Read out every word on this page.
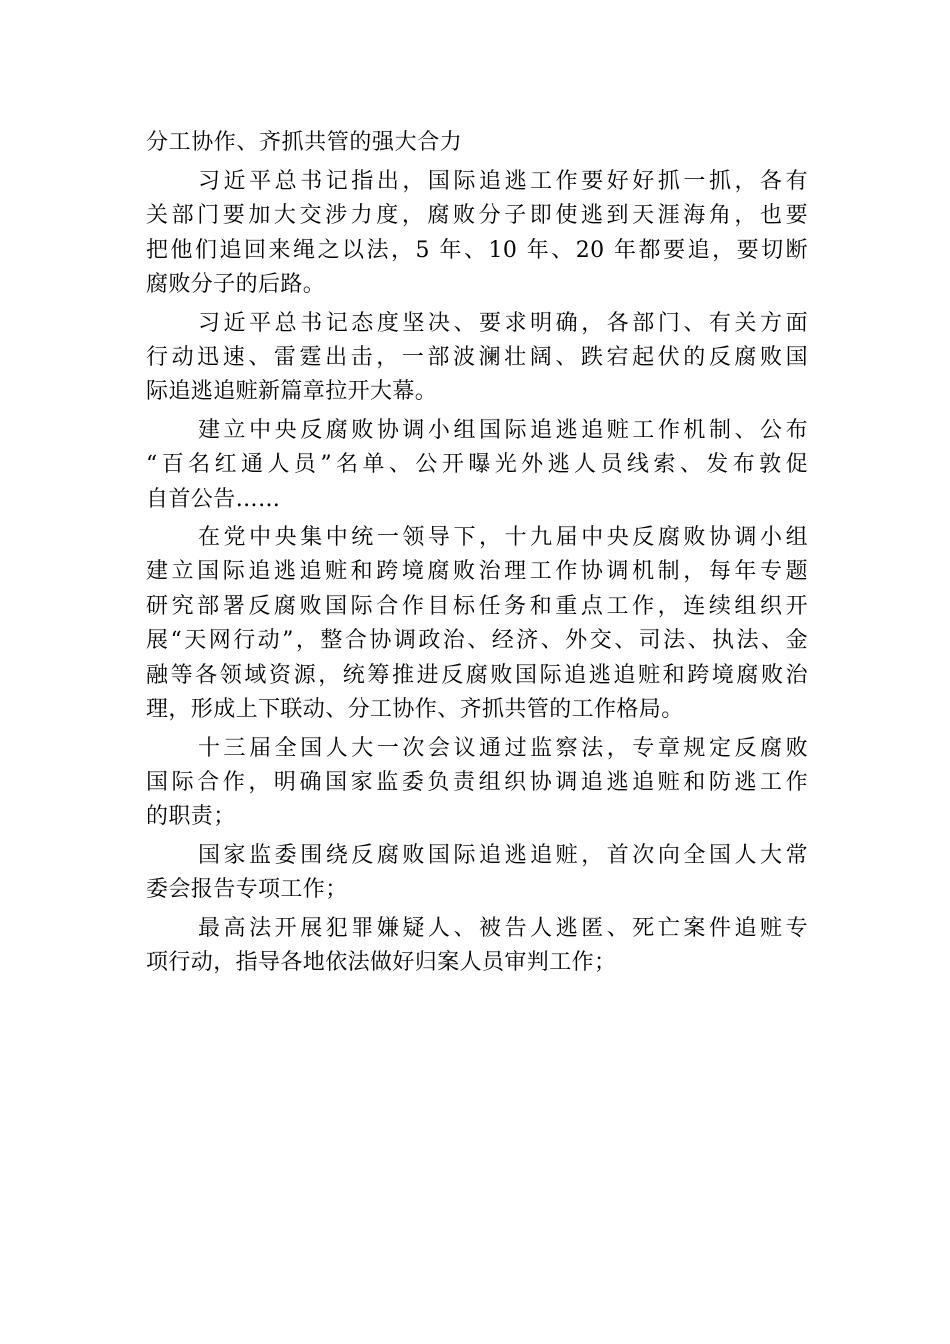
分工协作、齐抓共管的强大合力
习近平总书记指出，国际追逃工作要好好抓一抓，各有
关部门要加大交涉力度，腐败分子即使逃到天涯海角，也要
把他们追回来绳之以法，5 年、10 年、20 年都要追，要切断
腐败分子的后路。
习近平总书记态度坚决、要求明确，各部门、有关方面
行动迅速、雷霆出击，一部波澜壮阔、跌宕起伏的反腐败国
际追逃追赃新篇章拉开大幕。
建立中央反腐败协调小组国际追逃追赃工作机制、公布
“百名红通人员”名单、公开曝光外逃人员线索、发布敦促
自首公告……
在党中央集中统一领导下，十九届中央反腐败协调小组
建立国际追逃追赃和跨境腐败治理工作协调机制，每年专题
研究部署反腐败国际合作目标任务和重点工作，连续组织开
展“天网行动”，整合协调政治、经济、外交、司法、执法、金
融等各领域资源，统筹推进反腐败国际追逃追赃和跨境腐败治
理，形成上下联动、分工协作、齐抓共管的工作格局。
十三届全国人大一次会议通过监察法，专章规定反腐败
国际合作，明确国家监委负责组织协调追逃追赃和防逃工作
的职责；
国家监委围绕反腐败国际追逃追赃，首次向全国人大常
委会报告专项工作；
最高法开展犯罪嫌疑人、被告人逃匿、死亡案件追赃专
项行动，指导各地依法做好归案人员审判工作；
